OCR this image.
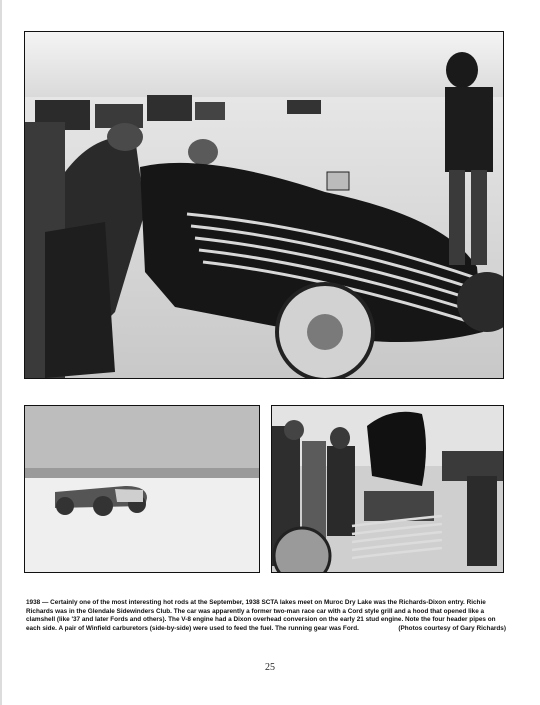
1938 — Certainly one of the most interesting hot rods at the September, 1938 SCTA lakes meet on Muroc Dry Lake was the Richards-Dixon entry. Richie Richards was in the Glendale Sidewinders Club. The car was apparently a former two-man race car with a Cord style grill and a hood that opened like a clamshell (like '37 and later Fords and others). The V-8 engine had a Dixon overhead conversion on the early 21 stud engine. Note the four header pipes on each side. A pair of Winfield carburetors (side-by-side) were used to feed the fuel. The running gear was Ford.	(Photos courtesy of Gary Richards)

25
